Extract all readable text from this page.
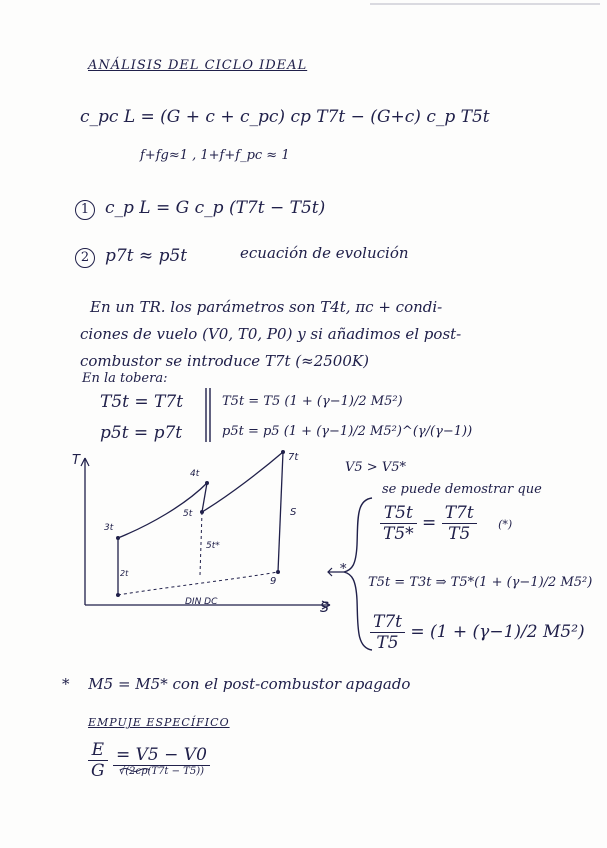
T
S
7t
4t
5t
3t
2t
9
S
5t*
DIN DC
ANÁLISIS DEL CICLO IDEAL
c_pc L = (G + c + c_pc) cp T7t − (G+c) c_p T5t
f+fg≈1 , 1+f+f_pc ≈ 1
1 c_p L = G c_p (T7t − T5t)
2 p7t ≈ p5t	ecuación de evolución
En un TR. los parámetros son T4t, πc + condi-
ciones de vuelo (V0, T0, P0) y si añadimos el post-
combustor se introduce T7t (≈2500K)
En la tobera:
T5t = T7t
p5t = p7t
T5t = T5 (1 + (γ−1)/2 M5²)
p5t = p5 (1 + (γ−1)/2 M5²)^(γ/(γ−1))
V5 > V5*
se puede demostrar que
$\frac{T5t}{T5*} = \frac{T7t}{T5}$ (*)
*
T5t = T3t ⇒ T5*(1 + (γ−1)/2 M5²)
$\frac{T7t}{T5} = (1 + (\gamma-1)/2$ M5²)
* M5 = M5* con el post-combustor apagado
EMPUJE ESPECÍFICO
$\frac{E}{G}$
$\frac{= V5 - V0}{√(2cp(T7t - T5))}$
